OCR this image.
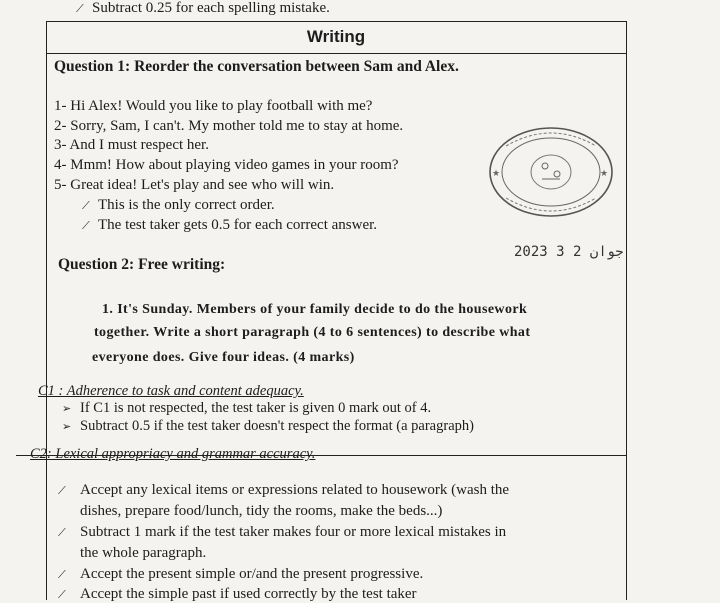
⟋ Subtract 0.25 for each spelling mistake.
Writing
Question 1: Reorder the conversation between Sam and Alex.
1- Hi Alex! Would you like to play football with me?
2- Sorry, Sam, I can't. My mother told me to stay at home.
3- And I must respect her.
4- Mmm! How about playing video games in your room?
5- Great idea! Let's play and see who will win.
⟋ This is the only correct order.
⟋ The test taker gets 0.5 for each correct answer.
★	★
Question 2: Free writing:
2023 جوان 2 3
1. It's Sunday. Members of your family decide to do the housework
together. Write a short paragraph (4 to 6 sentences) to describe what
everyone does. Give four ideas. (4 marks)
C1 : Adherence to task and content adequacy.
➢ If C1 is not respected, the test taker is given 0 mark out of 4.
➢ Subtract 0.5 if the test taker doesn't respect the format (a paragraph)
C2: Lexical appropriacy and grammar accuracy.
⟋ Accept any lexical items or expressions related to housework (wash the
dishes, prepare food/lunch, tidy the rooms, make the beds...)
⟋ Subtract 1 mark if the test taker makes four or more lexical mistakes in
the whole paragraph.
⟋ Accept the present simple or/and the present progressive.
⟋ Accept the simple past if used correctly by the test taker
